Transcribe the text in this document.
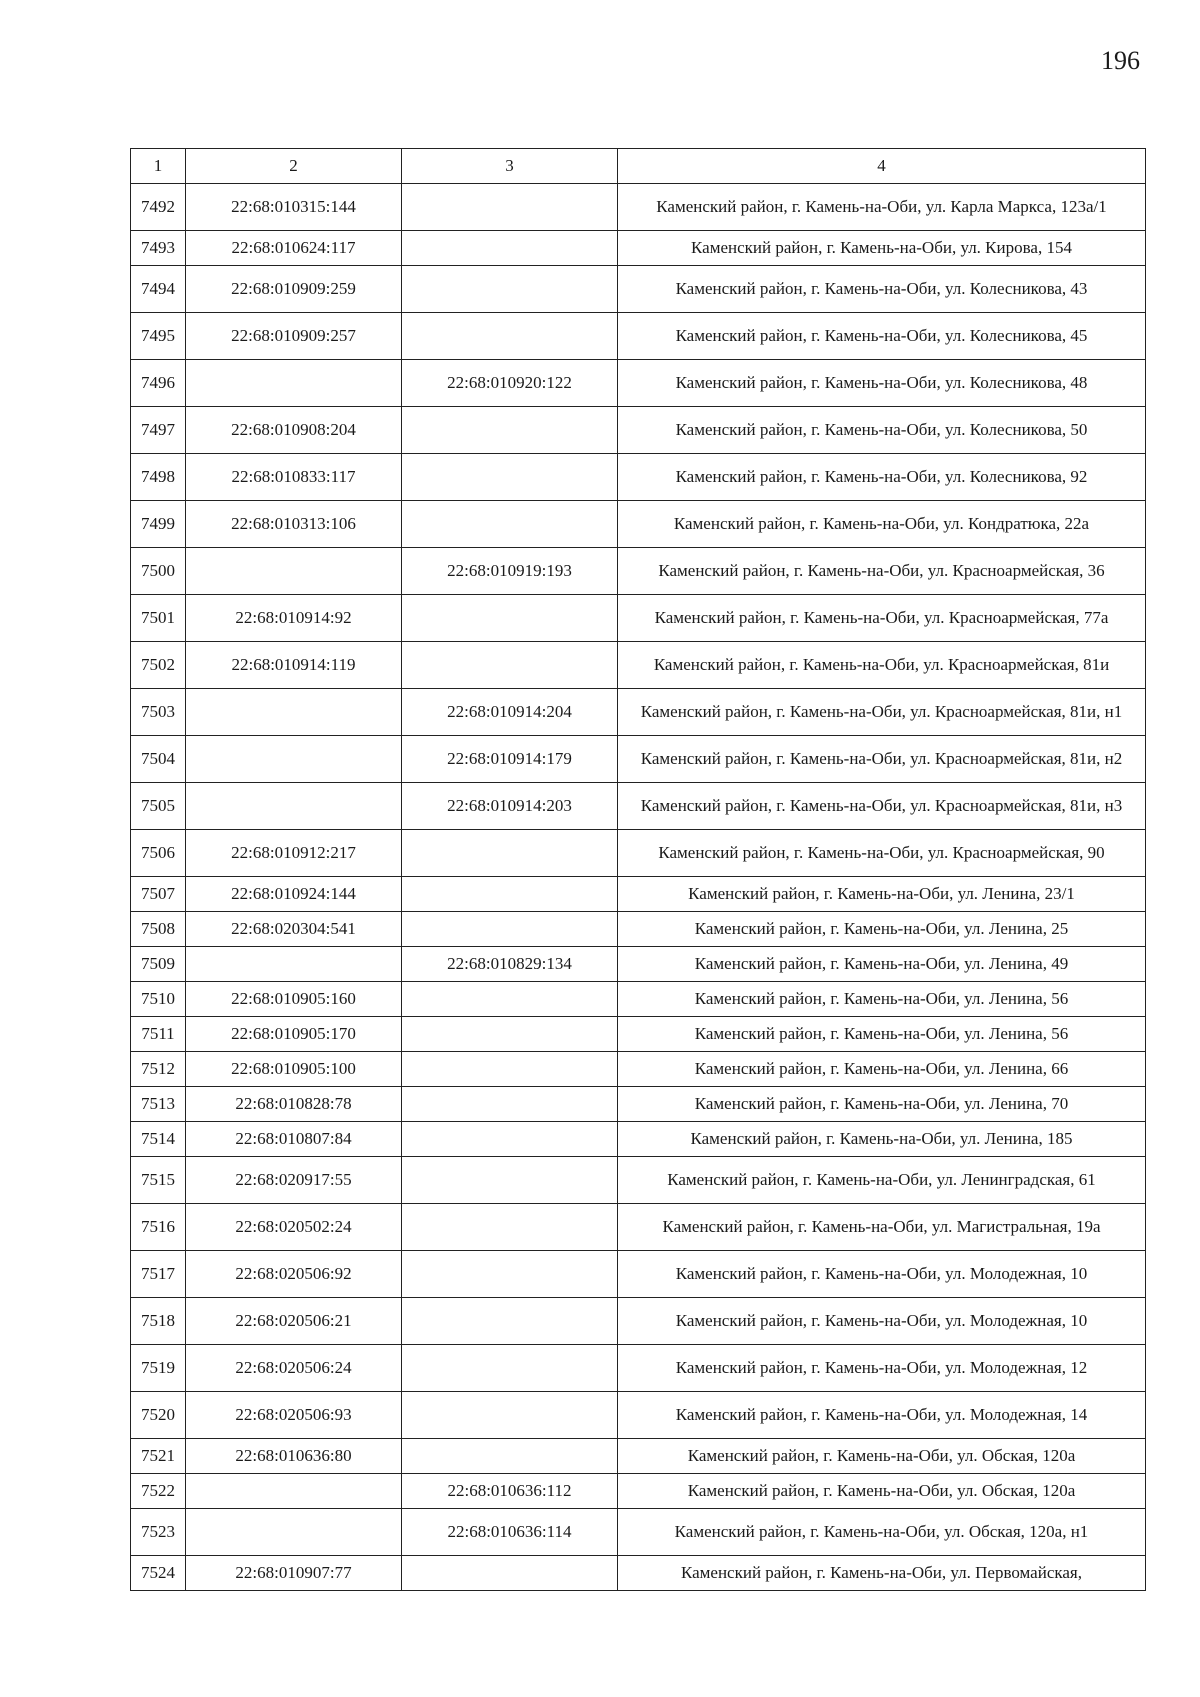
196
1	2	3	4
7492	22:68:010315:144		Каменский район, г. Камень-на-Оби, ул. Карла Маркса, 123а/1
7493	22:68:010624:117		Каменский район, г. Камень-на-Оби, ул. Кирова, 154
7494	22:68:010909:259		Каменский район, г. Камень-на-Оби, ул. Колесникова, 43
7495	22:68:010909:257		Каменский район, г. Камень-на-Оби, ул. Колесникова, 45
7496		22:68:010920:122	Каменский район, г. Камень-на-Оби, ул. Колесникова, 48
7497	22:68:010908:204		Каменский район, г. Камень-на-Оби, ул. Колесникова, 50
7498	22:68:010833:117		Каменский район, г. Камень-на-Оби, ул. Колесникова, 92
7499	22:68:010313:106		Каменский район, г. Камень-на-Оби, ул. Кондратюка, 22а
7500		22:68:010919:193	Каменский район, г. Камень-на-Оби, ул. Красноармейская, 36
7501	22:68:010914:92		Каменский район, г. Камень-на-Оби, ул. Красноармейская, 77а
7502	22:68:010914:119		Каменский район, г. Камень-на-Оби, ул. Красноармейская, 81и
7503		22:68:010914:204	Каменский район, г. Камень-на-Оби, ул. Красноармейская, 81и, н1
7504		22:68:010914:179	Каменский район, г. Камень-на-Оби, ул. Красноармейская, 81и, н2
7505		22:68:010914:203	Каменский район, г. Камень-на-Оби, ул. Красноармейская, 81и, н3
7506	22:68:010912:217		Каменский район, г. Камень-на-Оби, ул. Красноармейская, 90
7507	22:68:010924:144		Каменский район, г. Камень-на-Оби, ул. Ленина, 23/1
7508	22:68:020304:541		Каменский район, г. Камень-на-Оби, ул. Ленина, 25
7509		22:68:010829:134	Каменский район, г. Камень-на-Оби, ул. Ленина, 49
7510	22:68:010905:160		Каменский район, г. Камень-на-Оби, ул. Ленина, 56
7511	22:68:010905:170		Каменский район, г. Камень-на-Оби, ул. Ленина, 56
7512	22:68:010905:100		Каменский район, г. Камень-на-Оби, ул. Ленина, 66
7513	22:68:010828:78		Каменский район, г. Камень-на-Оби, ул. Ленина, 70
7514	22:68:010807:84		Каменский район, г. Камень-на-Оби, ул. Ленина, 185
7515	22:68:020917:55		Каменский район, г. Камень-на-Оби, ул. Ленинградская, 61
7516	22:68:020502:24		Каменский район, г. Камень-на-Оби, ул. Магистральная, 19а
7517	22:68:020506:92		Каменский район, г. Камень-на-Оби, ул. Молодежная, 10
7518	22:68:020506:21		Каменский район, г. Камень-на-Оби, ул. Молодежная, 10
7519	22:68:020506:24		Каменский район, г. Камень-на-Оби, ул. Молодежная, 12
7520	22:68:020506:93		Каменский район, г. Камень-на-Оби, ул. Молодежная, 14
7521	22:68:010636:80		Каменский район, г. Камень-на-Оби, ул. Обская, 120а
7522		22:68:010636:112	Каменский район, г. Камень-на-Оби, ул. Обская, 120а
7523		22:68:010636:114	Каменский район, г. Камень-на-Оби, ул. Обская, 120а, н1
7524	22:68:010907:77		Каменский район, г. Камень-на-Оби, ул. Первомайская,
